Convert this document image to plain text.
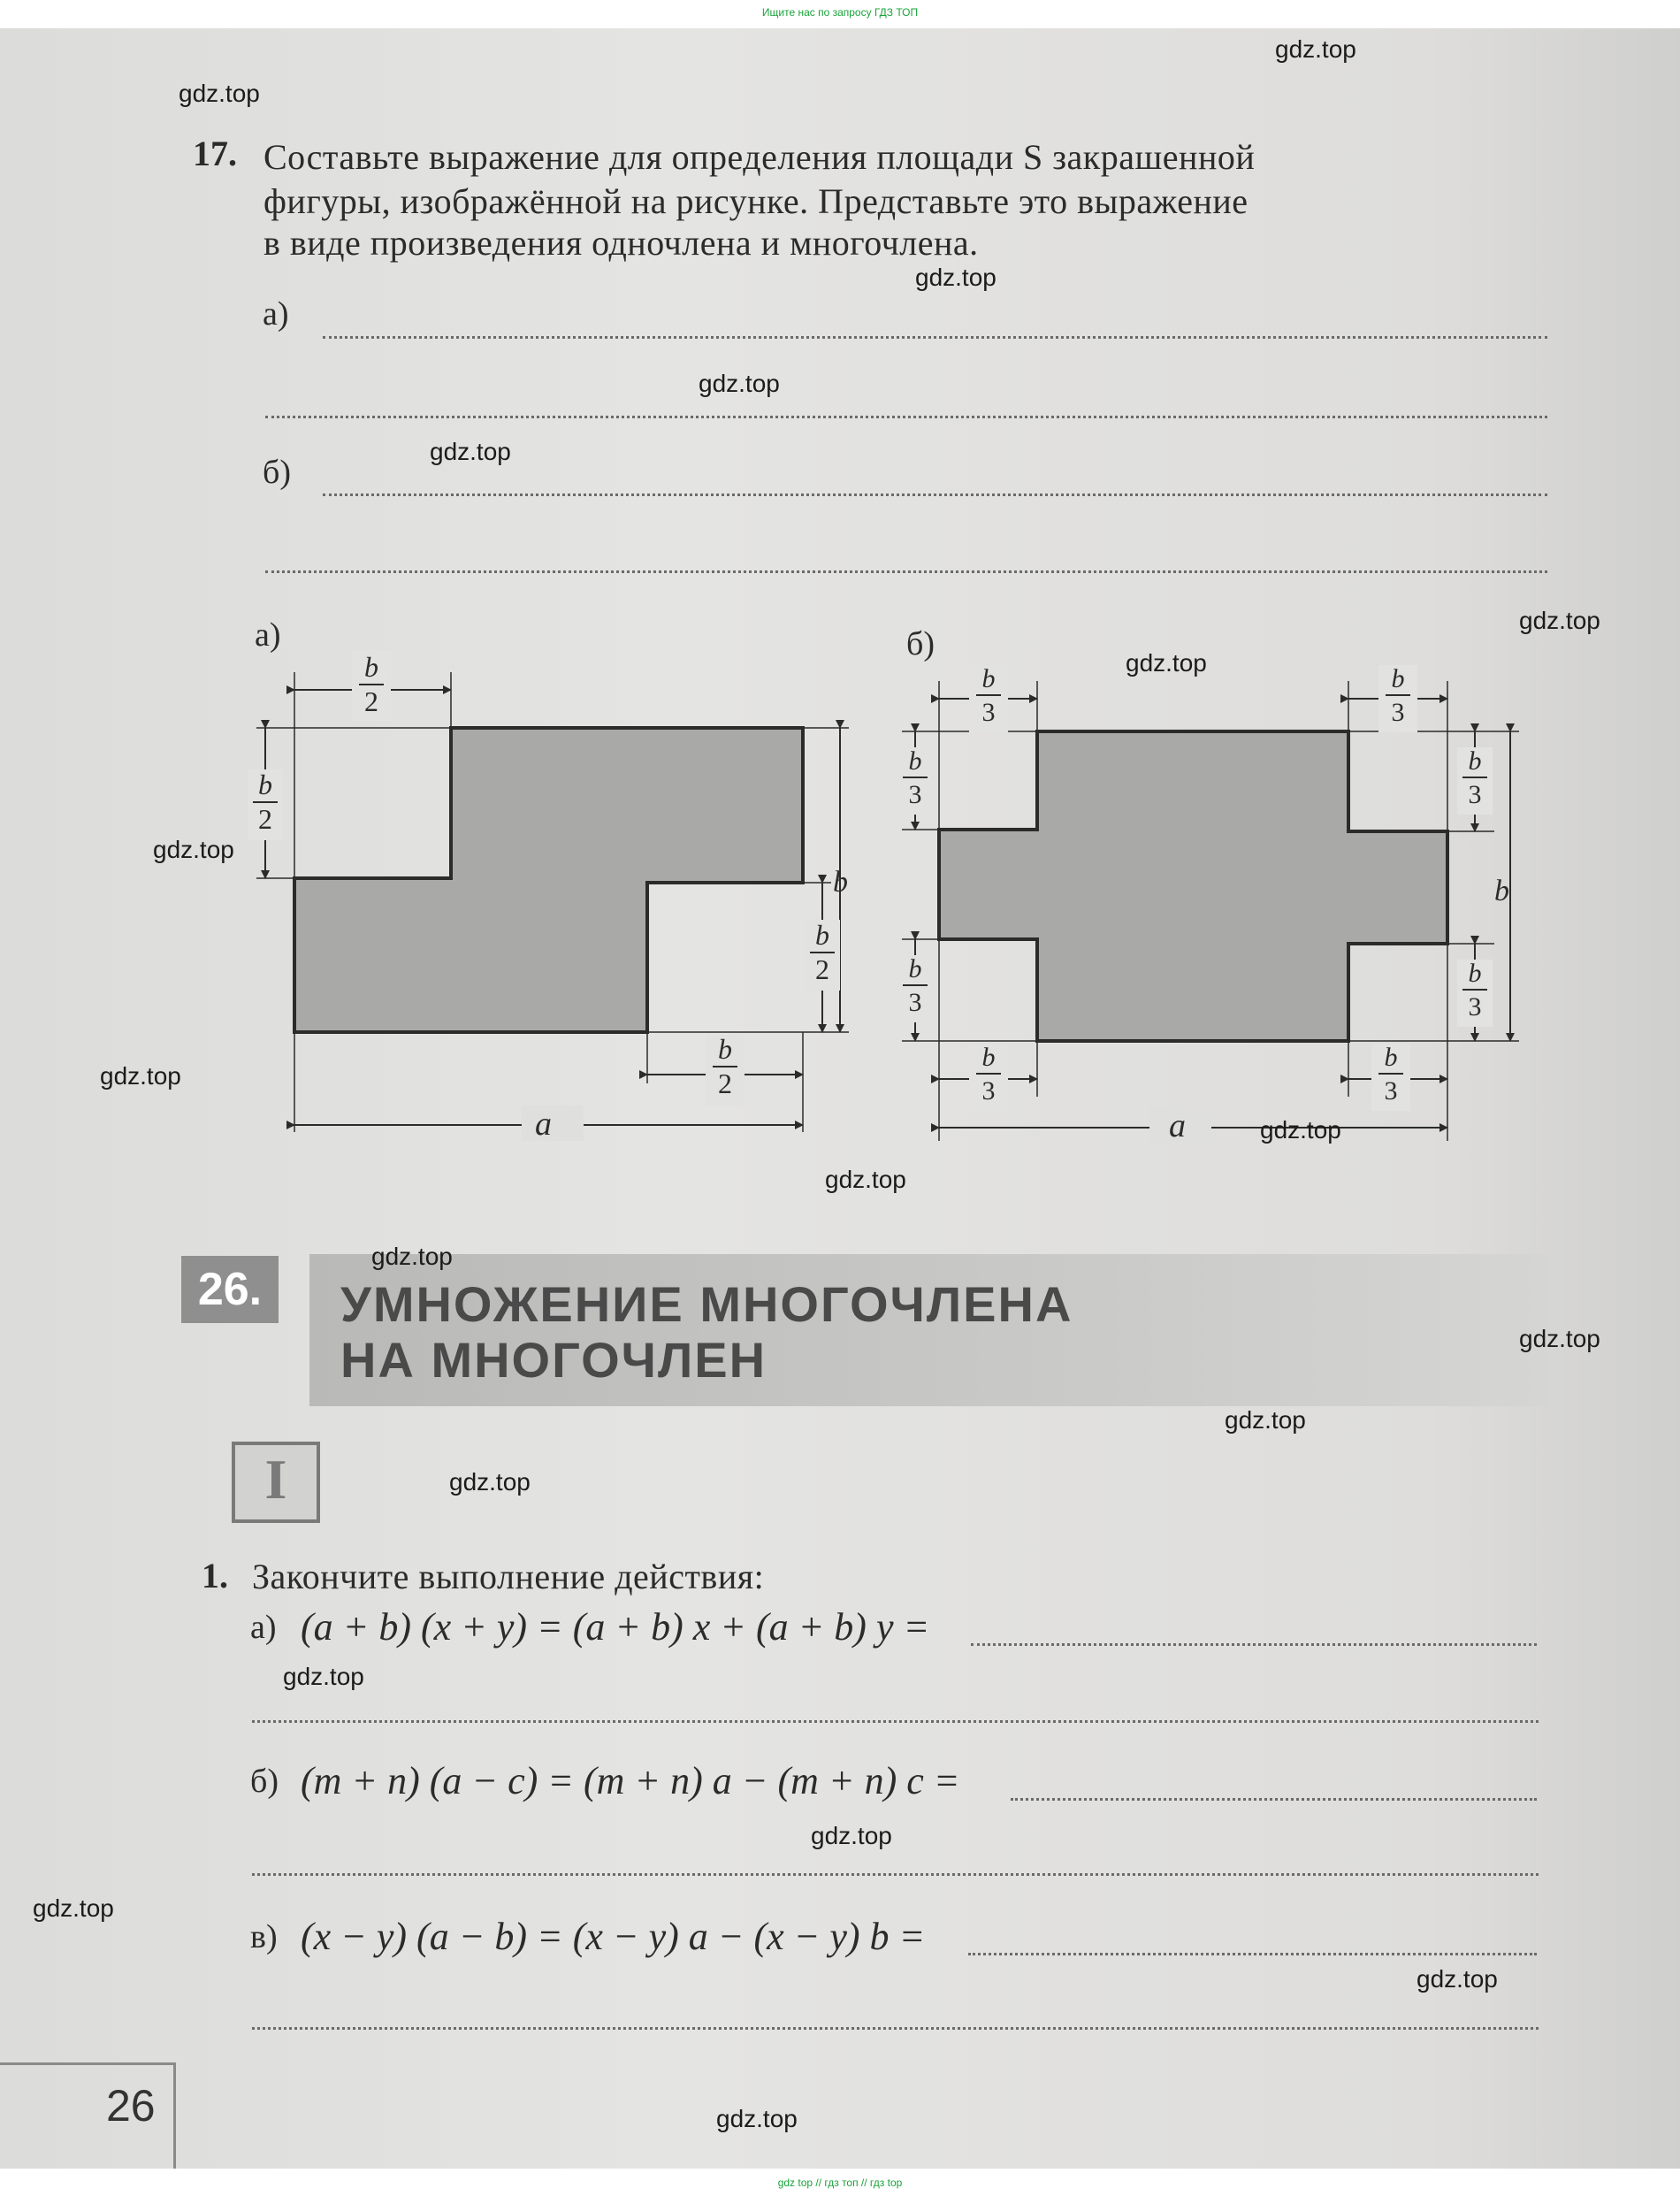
Ищите нас по запросу ГДЗ ТОП
17. Составьте выражение для определения площади S закрашенной
фигуры, изображённой на рисунке. Представьте это выражение
в виде произведения одночлена и многочлена.
а)
б)
а)
a
b
2
b
2
b
2
b
b
2
б)
a
b
b
3
b
3
b
3
b
3
b
3
b
3
b
3
b
3
26.	УМНОЖЕНИЕ МНОГОЧЛЕНА
НА МНОГОЧЛЕН
I
1. Закончите выполнение действия:
а) (a + b) (x + y) = (a + b) x + (a + b) y =
б) (m + n) (a − c) = (m + n) a − (m + n) c =
в) (x − y) (a − b) = (x − y) a − (x − y) b =
26
gdz.top
gdz.top
gdz.top
gdz.top
gdz.top
gdz.top
gdz.top
gdz.top
gdz.top
gdz.top
gdz.top
gdz.top
gdz.top
gdz.top
gdz.top
gdz.top
gdz.top
gdz.top
gdz.top
gdz.top
gdz top // гдз топ // гдз top
